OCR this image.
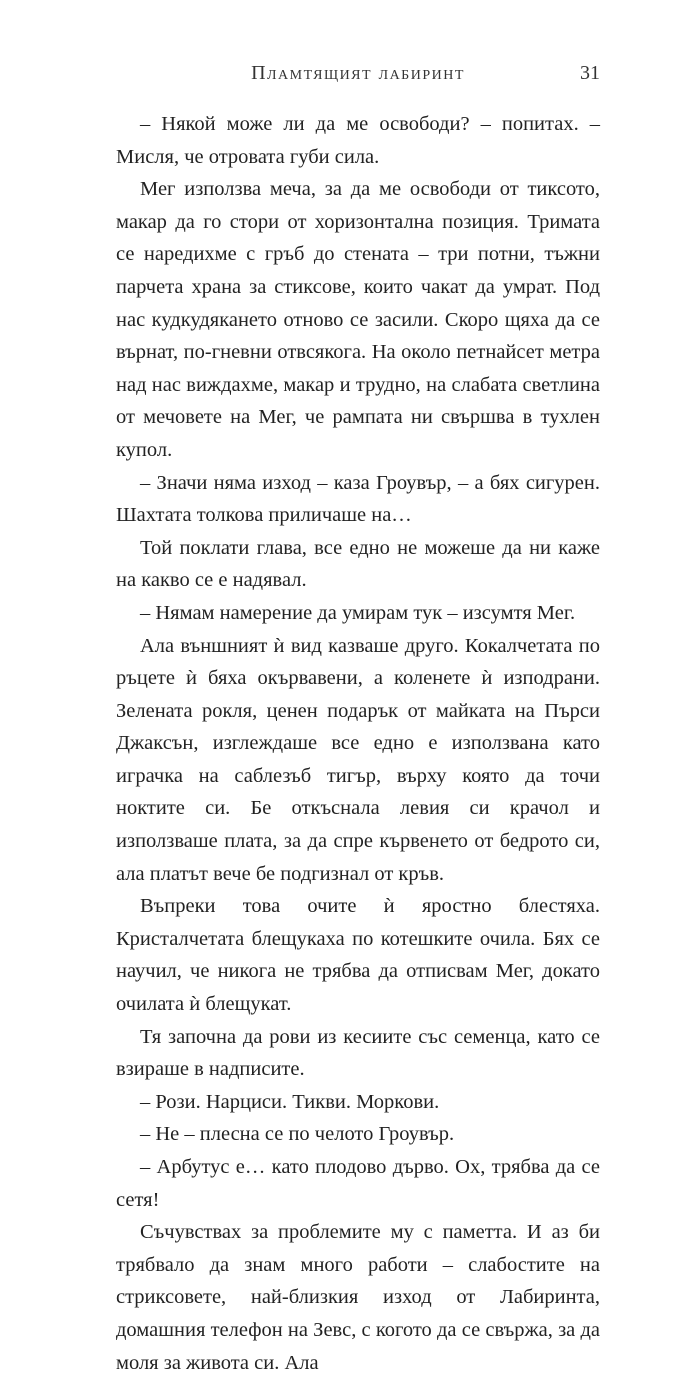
Пламтящият лабиринт	31

– Някой може ли да ме освободи? – попитах. – Мисля, че отровата губи сила.

Мег използва меча, за да ме освободи от тиксото, макар да го стори от хоризонтална позиция. Тримата се наредихме с гръб до стената – три потни, тъжни парчета храна за стиксове, които чакат да умрат. Под нас кудкудякането отново се засили. Скоро щяха да се върнат, по-гневни отвсякога. На около петнайсет метра над нас виждахме, макар и трудно, на слабата светлина от мечовете на Мег, че рампата ни свършва в тухлен купол.

– Значи няма изход – каза Гроувър, – а бях сигурен. Шахтата толкова приличаше на…

Той поклати глава, все едно не можеше да ни каже на какво се е надявал.

– Нямам намерение да умирам тук – изсумтя Мег.

Ала външният ѝ вид казваше друго. Кокалчетата по ръцете ѝ бяха окървавени, а коленете ѝ изподрани. Зелената рокля, ценен подарък от майката на Пърси Джаксън, изглеждаше все едно е използвана като играчка на саблезъб тигър, върху която да точи ноктите си. Бе откъснала левия си крачол и използваше плата, за да спре кървенето от бедрото си, ала платът вече бе подгизнал от кръв.

Въпреки това очите ѝ яростно блестяха. Кристалчетата блещукаха по котешките очила. Бях се научил, че никога не трябва да отписвам Мег, докато очилата ѝ блещукат.

Тя започна да рови из кесиите със семенца, като се взираше в надписите.

– Рози. Нарциси. Тикви. Моркови.

– Не – плесна се по челото Гроувър.

– Арбутус е… като плодово дърво. Ох, трябва да се сетя!

Съчувствах за проблемите му с паметта. И аз би трябвало да знам много работи – слабостите на стриксовете, най-близкия изход от Лабиринта, домашния телефон на Зевс, с когото да се свържа, за да моля за живота си. Ала
